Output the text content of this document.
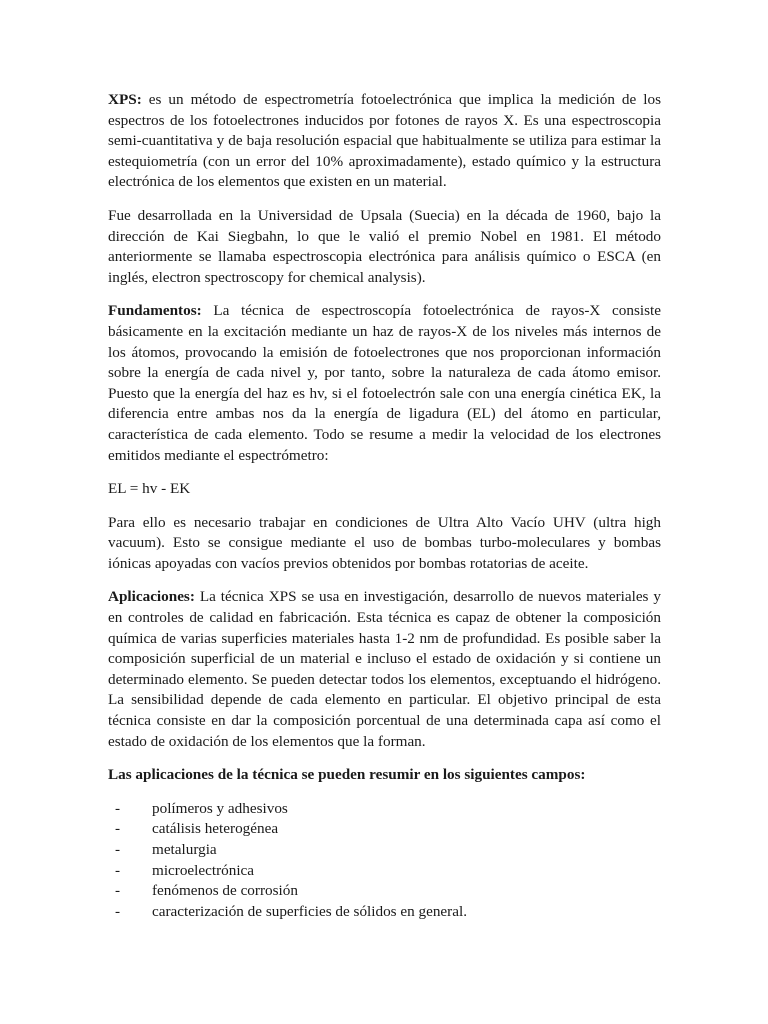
XPS: es un método de espectrometría fotoelectrónica que implica la medición de los espectros de los fotoelectrones inducidos por fotones de rayos X. Es una espectroscopia semi-cuantitativa y de baja resolución espacial que habitualmente se utiliza para estimar la estequiometría (con un error del 10% aproximadamente), estado químico y la estructura electrónica de los elementos que existen en un material.

Fue desarrollada en la Universidad de Upsala (Suecia) en la década de 1960, bajo la dirección de Kai Siegbahn, lo que le valió el premio Nobel en 1981. El método anteriormente se llamaba espectroscopia electrónica para análisis químico o ESCA (en inglés, electron spectroscopy for chemical analysis).

Fundamentos: La técnica de espectroscopía fotoelectrónica de rayos-X consiste básicamente en la excitación mediante un haz de rayos-X de los niveles más internos de los átomos, provocando la emisión de fotoelectrones que nos proporcionan información sobre la energía de cada nivel y, por tanto, sobre la naturaleza de cada átomo emisor. Puesto que la energía del haz es hv, si el fotoelectrón sale con una energía cinética EK, la diferencia entre ambas nos da la energía de ligadura (EL) del átomo en particular, característica de cada elemento. Todo se resume a medir la velocidad de los electrones emitidos mediante el espectrómetro:

EL = hv - EK

Para ello es necesario trabajar en condiciones de Ultra Alto Vacío UHV (ultra high vacuum). Esto se consigue mediante el uso de bombas turbo-moleculares y bombas iónicas apoyadas con vacíos previos obtenidos por bombas rotatorias de aceite.

Aplicaciones: La técnica XPS se usa en investigación, desarrollo de nuevos materiales y en controles de calidad en fabricación. Esta técnica es capaz de obtener la composición química de varias superficies materiales hasta 1-2 nm de profundidad. Es posible saber la composición superficial de un material e incluso el estado de oxidación y si contiene un determinado elemento. Se pueden detectar todos los elementos, exceptuando el hidrógeno. La sensibilidad depende de cada elemento en particular. El objetivo principal de esta técnica consiste en dar la composición porcentual de una determinada capa así como el estado de oxidación de los elementos que la forman.

Las aplicaciones de la técnica se pueden resumir en los siguientes campos:

- polímeros y adhesivos
- catálisis heterogénea
- metalurgia
- microelectrónica
- fenómenos de corrosión
- caracterización de superficies de sólidos en general.
